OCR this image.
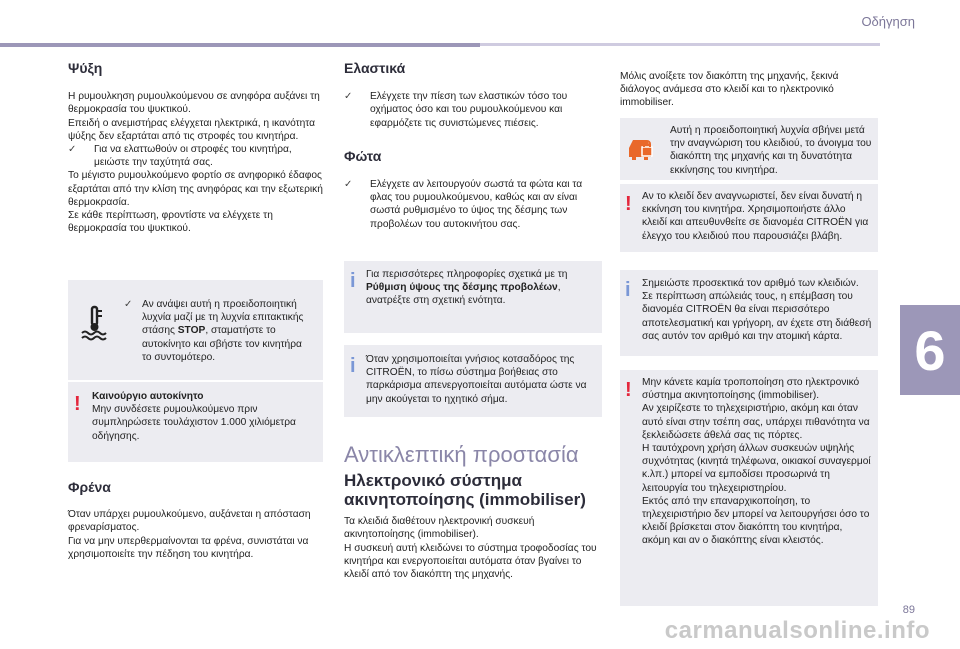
Οδήγηση
6
89
Ψύξη

Η ρυμουλκηση ρυμουλκούμενου σε ανηφόρα αυξάνει τη θερμοκρασία του ψυκτικού.

Επειδή ο ανεμιστήρας ελέγχεται ηλεκτρικά, η ικανότητα ψύξης δεν εξαρτάται από τις στροφές του κινητήρα.

✓ Για να ελαττωθούν οι στροφές του κινητήρα, μειώστε την ταχύτητά σας.

Το μέγιστο ρυμουλκούμενο φορτίο σε ανηφορικό έδαφος εξαρτάται από την κλίση της ανηφόρας και την εξωτερική θερμοκρασία.

Σε κάθε περίπτωση, φροντίστε να ελέγχετε τη θερμοκρασία του ψυκτικού.

✓ Αν ανάψει αυτή η προειδοποιητική λυχνία μαζί με τη λυχνία επιτακτικής στάσης STOP, σταματήστε το αυτοκίνητο και σβήστε τον κινητήρα το συντομότερο.
! Καινούργιο αυτοκίνητο
Μην συνδέσετε ρυμουλκούμενο πριν συμπληρώσετε τουλάχιστον 1.000 χιλιόμετρα οδήγησης.
Φρένα

Όταν υπάρχει ρυμουλκούμενο, αυξάνεται η απόσταση φρεναρίσματος.

Για να μην υπερθερμαίνονται τα φρένα, συνιστάται να χρησιμοποιείτε την πέδηση του κινητήρα.

Ελαστικά
✓ Ελέγχετε την πίεση των ελαστικών τόσο του οχήματος όσο και του ρυμουλκούμενου και εφαρμόζετε τις συνιστώμενες πιέσεις.
Φώτα
✓ Ελέγχετε αν λειτουργούν σωστά τα φώτα και τα φλας του ρυμουλκούμενου, καθώς και αν είναι σωστά ρυθμισμένο το ύψος της δέσμης των προβολέων του αυτοκινήτου σας.
i Για περισσότερες πληροφορίες σχετικά με τη Ρύθμιση ύψους της δέσμης προβολέων, ανατρέξτε στη σχετική ενότητα.
i Όταν χρησιμοποιείται γνήσιος κοτσαδόρος της CITROËN, το πίσω σύστημα βοήθειας στο παρκάρισμα απενεργοποιείται αυτόματα ώστε να μην ακούγεται το ηχητικό σήμα.
Αντικλεπτική προστασία
Ηλεκτρονικό σύστημα ακινητοποίησης (immobiliser)

Τα κλειδιά διαθέτουν ηλεκτρονική συσκευή ακινητοποίησης (immobiliser).

Η συσκευή αυτή κλειδώνει το σύστημα τροφοδοσίας του κινητήρα και ενεργοποιείται αυτόματα όταν βγαίνει το κλειδί από τον διακόπτη της μηχανής.

Μόλις ανοίξετε τον διακόπτη της μηχανής, ξεκινά διάλογος ανάμεσα στο κλειδί και το ηλεκτρονικό immobiliser.
Αυτή η προειδοποιητική λυχνία σβήνει μετά την αναγνώριση του κλειδιού, το άνοιγμα του διακόπτη της μηχανής και τη δυνατότητα εκκίνησης του κινητήρα.
! Αν το κλειδί δεν αναγνωριστεί, δεν είναι δυνατή η εκκίνηση του κινητήρα. Χρησιμοποιήστε άλλο κλειδί και απευθυνθείτε σε διανομέα CITROËN για έλεγχο του κλειδιού που παρουσιάζει βλάβη.
i Σημειώστε προσεκτικά τον αριθμό των κλειδιών. Σε περίπτωση απώλειάς τους, η επέμβαση του διανομέα CITROËN θα είναι περισσότερο αποτελεσματική και γρήγορη, αν έχετε στη διάθεσή σας αυτόν τον αριθμό και την ατομική κάρτα.
! Μην κάνετε καμία τροποποίηση στο ηλεκτρονικό σύστημα ακινητοποίησης (immobiliser).
Αν χειρίζεστε το τηλεχειριστήριο, ακόμη και όταν αυτό είναι στην τσέπη σας, υπάρχει πιθανότητα να ξεκλειδώσετε άθελά σας τις πόρτες.
Η ταυτόχρονη χρήση άλλων συσκευών υψηλής συχνότητας (κινητά τηλέφωνα, οικιακοί συναγερμοί κ.λπ.) μπορεί να εμποδίσει προσωρινά τη λειτουργία του τηλεχειριστηρίου.
Εκτός από την επαναρχικοποίηση, το τηλεχειριστήριο δεν μπορεί να λειτουργήσει όσο το κλειδί βρίσκεται στον διακόπτη του κινητήρα, ακόμη και αν ο διακόπτης είναι κλειστός.
carmanualsonline.info
